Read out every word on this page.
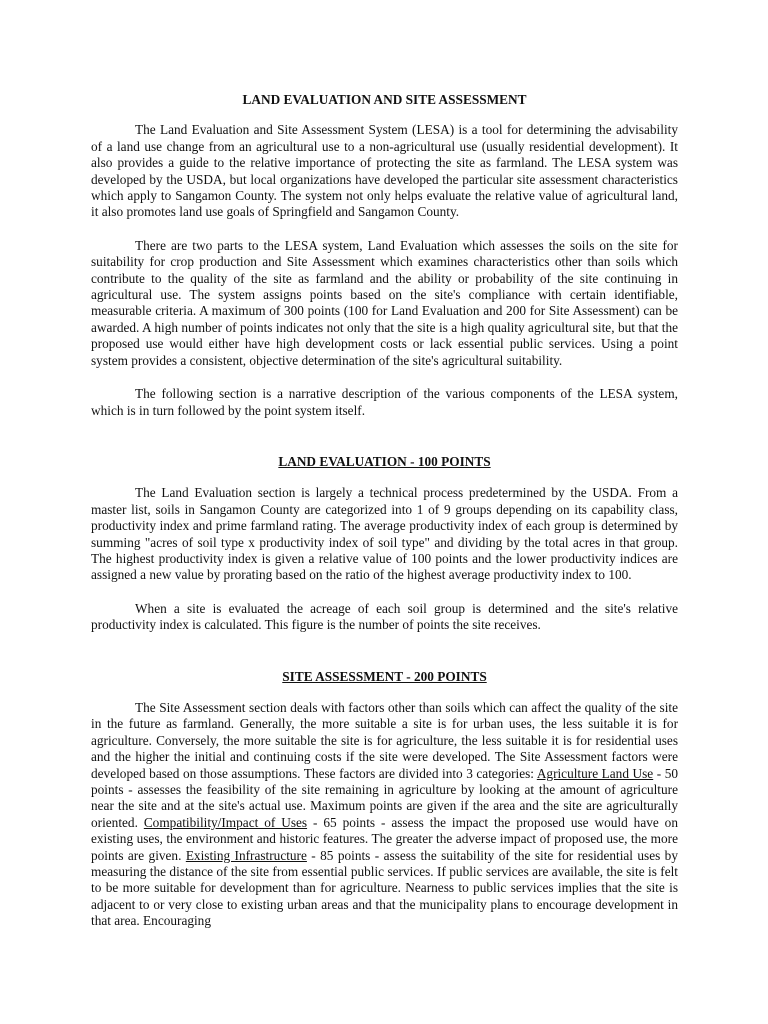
LAND EVALUATION AND SITE ASSESSMENT

The Land Evaluation and Site Assessment System (LESA) is a tool for determining the advisability of a land use change from an agricultural use to a non-agricultural use (usually residential development). It also provides a guide to the relative importance of protecting the site as farmland. The LESA system was developed by the USDA, but local organizations have developed the particular site assessment characteristics which apply to Sangamon County. The system not only helps evaluate the relative value of agricultural land, it also promotes land use goals of Springfield and Sangamon County.

There are two parts to the LESA system, Land Evaluation which assesses the soils on the site for suitability for crop production and Site Assessment which examines characteristics other than soils which contribute to the quality of the site as farmland and the ability or probability of the site continuing in agricultural use. The system assigns points based on the site's compliance with certain identifiable, measurable criteria. A maximum of 300 points (100 for Land Evaluation and 200 for Site Assessment) can be awarded. A high number of points indicates not only that the site is a high quality agricultural site, but that the proposed use would either have high development costs or lack essential public services. Using a point system provides a consistent, objective determination of the site's agricultural suitability.

The following section is a narrative description of the various components of the LESA system, which is in turn followed by the point system itself.

LAND EVALUATION - 100 POINTS

The Land Evaluation section is largely a technical process predetermined by the USDA. From a master list, soils in Sangamon County are categorized into 1 of 9 groups depending on its capability class, productivity index and prime farmland rating. The average productivity index of each group is determined by summing "acres of soil type x productivity index of soil type" and dividing by the total acres in that group. The highest productivity index is given a relative value of 100 points and the lower productivity indices are assigned a new value by prorating based on the ratio of the highest average productivity index to 100.

When a site is evaluated the acreage of each soil group is determined and the site's relative productivity index is calculated. This figure is the number of points the site receives.

SITE ASSESSMENT - 200 POINTS

The Site Assessment section deals with factors other than soils which can affect the quality of the site in the future as farmland. Generally, the more suitable a site is for urban uses, the less suitable it is for agriculture. Conversely, the more suitable the site is for agriculture, the less suitable it is for residential uses and the higher the initial and continuing costs if the site were developed. The Site Assessment factors were developed based on those assumptions. These factors are divided into 3 categories: Agriculture Land Use - 50 points - assesses the feasibility of the site remaining in agriculture by looking at the amount of agriculture near the site and at the site's actual use. Maximum points are given if the area and the site are agriculturally oriented. Compatibility/Impact of Uses - 65 points - assess the impact the proposed use would have on existing uses, the environment and historic features. The greater the adverse impact of proposed use, the more points are given. Existing Infrastructure - 85 points - assess the suitability of the site for residential uses by measuring the distance of the site from essential public services. If public services are available, the site is felt to be more suitable for development than for agriculture. Nearness to public services implies that the site is adjacent to or very close to existing urban areas and that the municipality plans to encourage development in that area. Encouraging
